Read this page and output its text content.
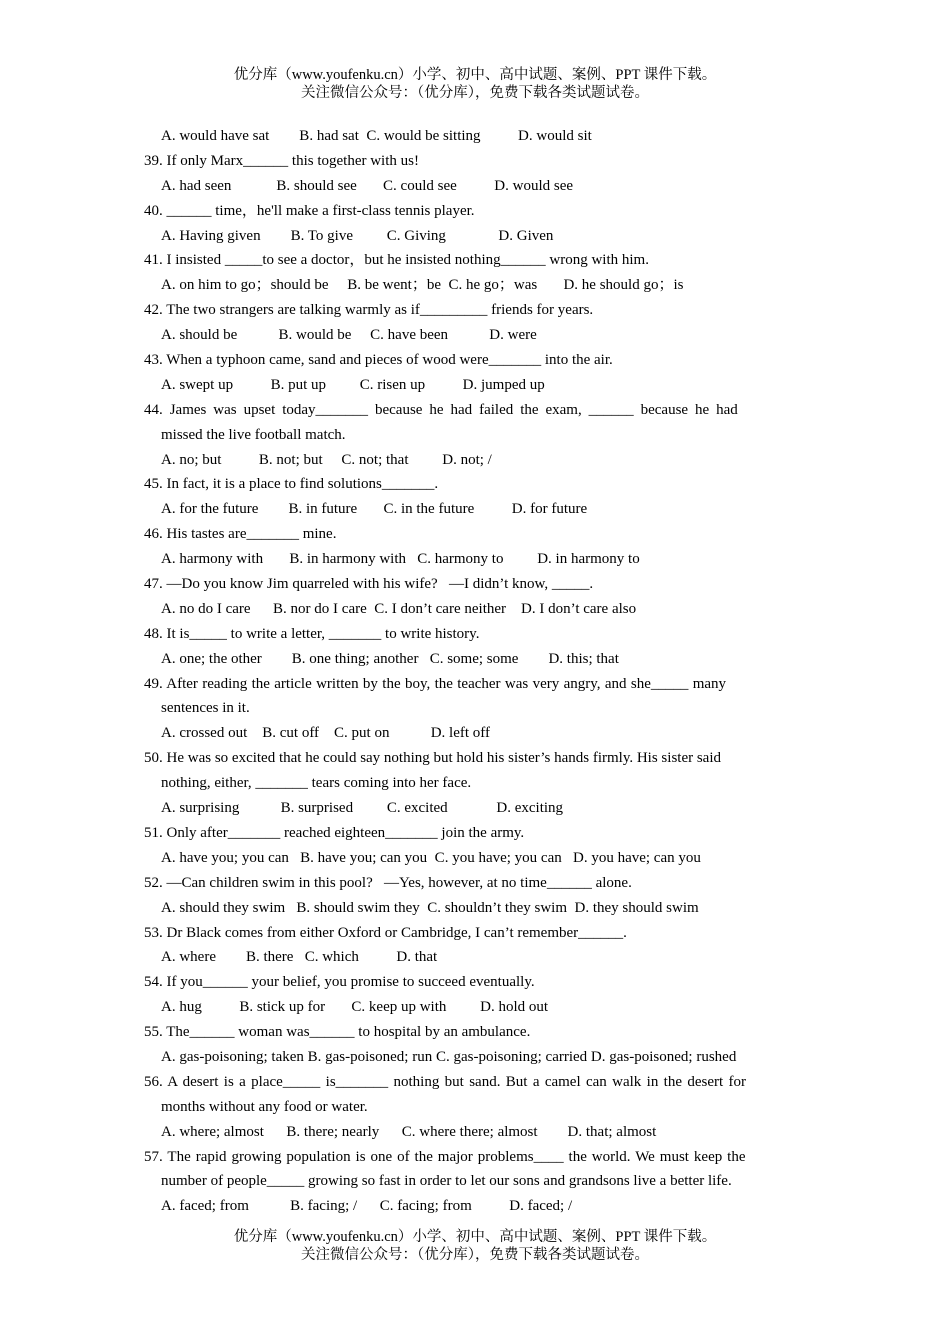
优分库（www.youfenku.cn）小学、初中、高中试题、案例、PPT 课件下载。
关注微信公众号：（优分库），免费下载各类试题试卷。
A. would have sat        B. had sat  C. would be sitting          D. would sit
39. If only Marx______ this together with us!
A. had seen            B. should see       C. could see          D. would see
40. ______ time，he'll make a first-class tennis player.
A. Having given        B. To give         C. Giving              D. Given
41. I insisted _____to see a doctor，but he insisted nothing______ wrong with him.
A. on him to go；should be     B. be went；be  C. he go；was       D. he should go；is
42. The two strangers are talking warmly as if_________ friends for years.
A. should be           B. would be     C. have been           D. were
43. When a typhoon came, sand and pieces of wood were_______ into the air.
A. swept up          B. put up         C. risen up          D. jumped up
44. James was upset today_______ because he had failed the exam, ______ because he had
missed the live football match.
A. no; but          B. not; but     C. not; that         D. not; /
45. In fact, it is a place to find solutions_______.
A. for the future        B. in future       C. in the future          D. for future
46. His tastes are_______ mine.
A. harmony with       B. in harmony with   C. harmony to         D. in harmony to
47. —Do you know Jim quarreled with his wife?   —I didn’t know, _____.
A. no do I care      B. nor do I care  C. I don’t care neither    D. I don’t care also
48. It is_____ to write a letter, _______ to write history.
A. one; the other        B. one thing; another   C. some; some        D. this; that
49. After reading the article written by the boy, the teacher was very angry, and she_____ many
sentences in it.
A. crossed out    B. cut off    C. put on           D. left off
50. He was so excited that he could say nothing but hold his sister’s hands firmly. His sister said
nothing, either, _______ tears coming into her face.
A. surprising           B. surprised         C. excited             D. exciting
51. Only after_______ reached eighteen_______ join the army.
A. have you; you can   B. have you; can you  C. you have; you can   D. you have; can you
52. —Can children swim in this pool?   —Yes, however, at no time______ alone.
A. should they swim   B. should swim they  C. shouldn’t they swim  D. they should swim
53. Dr Black comes from either Oxford or Cambridge, I can’t remember______.
A. where        B. there   C. which          D. that
54. If you______ your belief, you promise to succeed eventually.
A. hug          B. stick up for       C. keep up with         D. hold out
55. The______ woman was______ to hospital by an ambulance.
A. gas-poisoning; taken B. gas-poisoned; run C. gas-poisoning; carried D. gas-poisoned; rushed
56. A desert is a place_____ is_______ nothing but sand. But a camel can walk in the desert for
months without any food or water.
A. where; almost      B. there; nearly      C. where there; almost        D. that; almost
57. The rapid growing population is one of the major problems____ the world. We must keep the
number of people_____ growing so fast in order to let our sons and grandsons live a better life.
A. faced; from           B. facing; /      C. facing; from          D. faced; /
优分库（www.youfenku.cn）小学、初中、高中试题、案例、PPT 课件下载。
关注微信公众号：（优分库），免费下载各类试题试卷。
